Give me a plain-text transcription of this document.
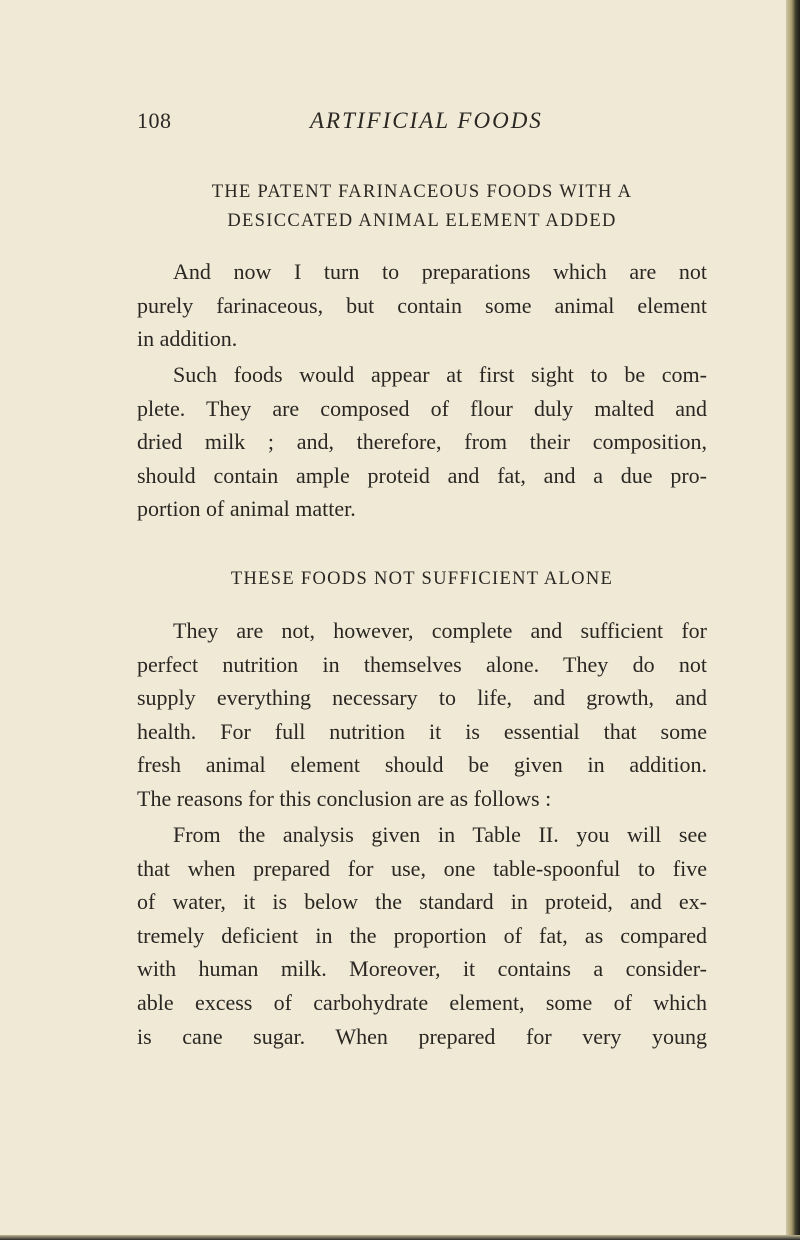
108	ARTIFICIAL FOODS
THE PATENT FARINACEOUS FOODS WITH A
DESICCATED ANIMAL ELEMENT ADDED
And now I turn to preparations which are not
purely farinaceous, but contain some animal element
in addition.
Such foods would appear at first sight to be com-
plete. They are composed of flour duly malted and
dried milk ; and, therefore, from their composition,
should contain ample proteid and fat, and a due pro-
portion of animal matter.
THESE FOODS NOT SUFFICIENT ALONE
They are not, however, complete and sufficient for
perfect nutrition in themselves alone. They do not
supply everything necessary to life, and growth, and
health. For full nutrition it is essential that some
fresh animal element should be given in addition.
The reasons for this conclusion are as follows :
From the analysis given in Table II. you will see
that when prepared for use, one table-spoonful to five
of water, it is below the standard in proteid, and ex-
tremely deficient in the proportion of fat, as compared
with human milk. Moreover, it contains a consider-
able excess of carbohydrate element, some of which
is cane sugar. When prepared for very young
